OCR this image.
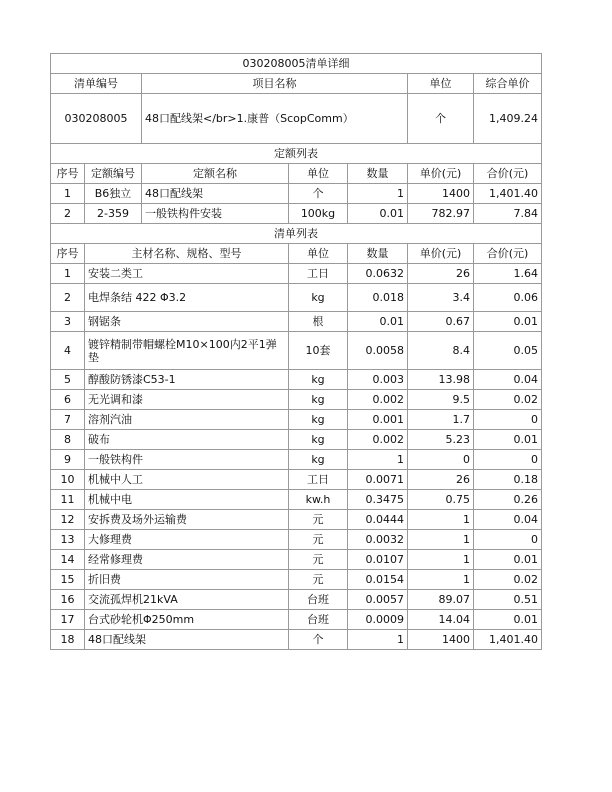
030208005清单详细			
清单编号	项目名称	单位	综合单价
030208005	48口配线架</br>1.康普（ScopComm）	个	1,409.24
定额列表						
序号	定额编号	定额名称	单位	数量	单价(元)	合价(元)
1	B6独立	48口配线架	个	1	1400	1,401.40
2	2-359	一般铁构件安装	100kg	0.01	782.97	7.84
清单列表					
序号	主材名称、规格、型号	单位	数量	单价(元)	合价(元)
1	安装二类工	工日	0.0632	26	1.64
2	电焊条结 422 Φ3.2	kg	0.018	3.4	0.06
3	钢锯条	根	0.01	0.67	0.01
4	镀锌精制带帽螺栓M10×100内2平1弹垫	10套	0.0058	8.4	0.05
5	醇酸防锈漆C53-1	kg	0.003	13.98	0.04
6	无光调和漆	kg	0.002	9.5	0.02
7	溶剂汽油	kg	0.001	1.7	0
8	破布	kg	0.002	5.23	0.01
9	一般铁构件	kg	1	0	0
10	机械中人工	工日	0.0071	26	0.18
11	机械中电	kw.h	0.3475	0.75	0.26
12	安拆费及场外运输费	元	0.0444	1	0.04
13	大修理费	元	0.0032	1	0
14	经常修理费	元	0.0107	1	0.01
15	折旧费	元	0.0154	1	0.02
16	交流孤焊机21kVA	台班	0.0057	89.07	0.51
17	台式砂轮机Φ250mm	台班	0.0009	14.04	0.01
18	48口配线架	个	1	1400	1,401.40
